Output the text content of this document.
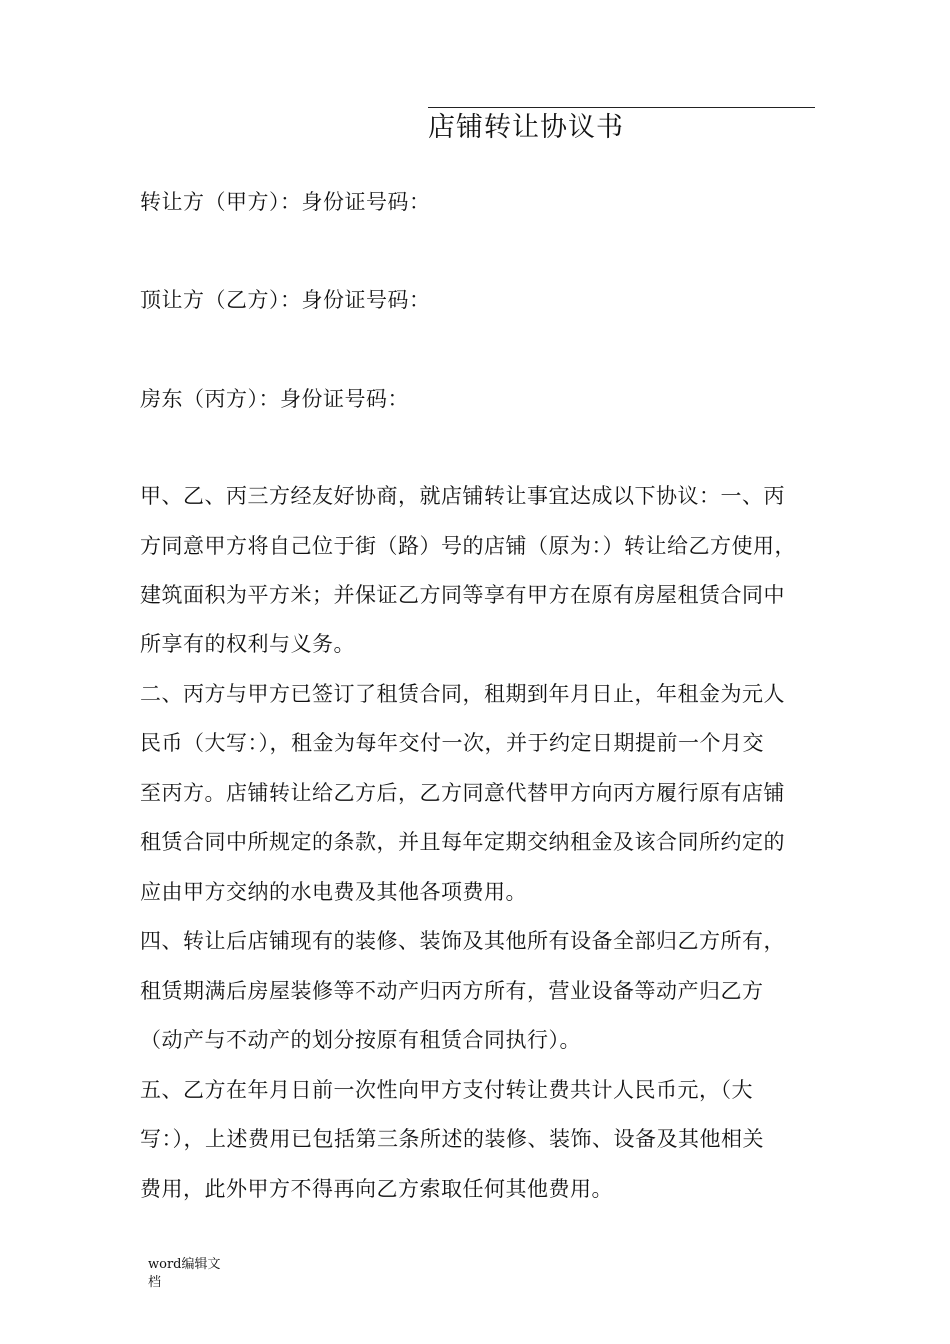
店铺转让协议书
转让方（甲方）：身份证号码：
顶让方（乙方）：身份证号码：
房东（丙方）：身份证号码：
甲、乙、丙三方经友好协商，就店铺转让事宜达成以下协议：一、丙
方同意甲方将自己位于街（路）号的店铺（原为：）转让给乙方使用，
建筑面积为平方米；并保证乙方同等享有甲方在原有房屋租赁合同中
所享有的权利与义务。
二、丙方与甲方已签订了租赁合同，租期到年月日止，年租金为元人
民币（大写：），租金为每年交付一次，并于约定日期提前一个月交
至丙方。店铺转让给乙方后，乙方同意代替甲方向丙方履行原有店铺
租赁合同中所规定的条款，并且每年定期交纳租金及该合同所约定的
应由甲方交纳的水电费及其他各项费用。
四、转让后店铺现有的装修、装饰及其他所有设备全部归乙方所有，
租赁期满后房屋装修等不动产归丙方所有，营业设备等动产归乙方
（动产与不动产的划分按原有租赁合同执行）。
五、乙方在年月日前一次性向甲方支付转让费共计人民币元，（大
写：），上述费用已包括第三条所述的装修、装饰、设备及其他相关
费用，此外甲方不得再向乙方索取任何其他费用。
word编辑文档
